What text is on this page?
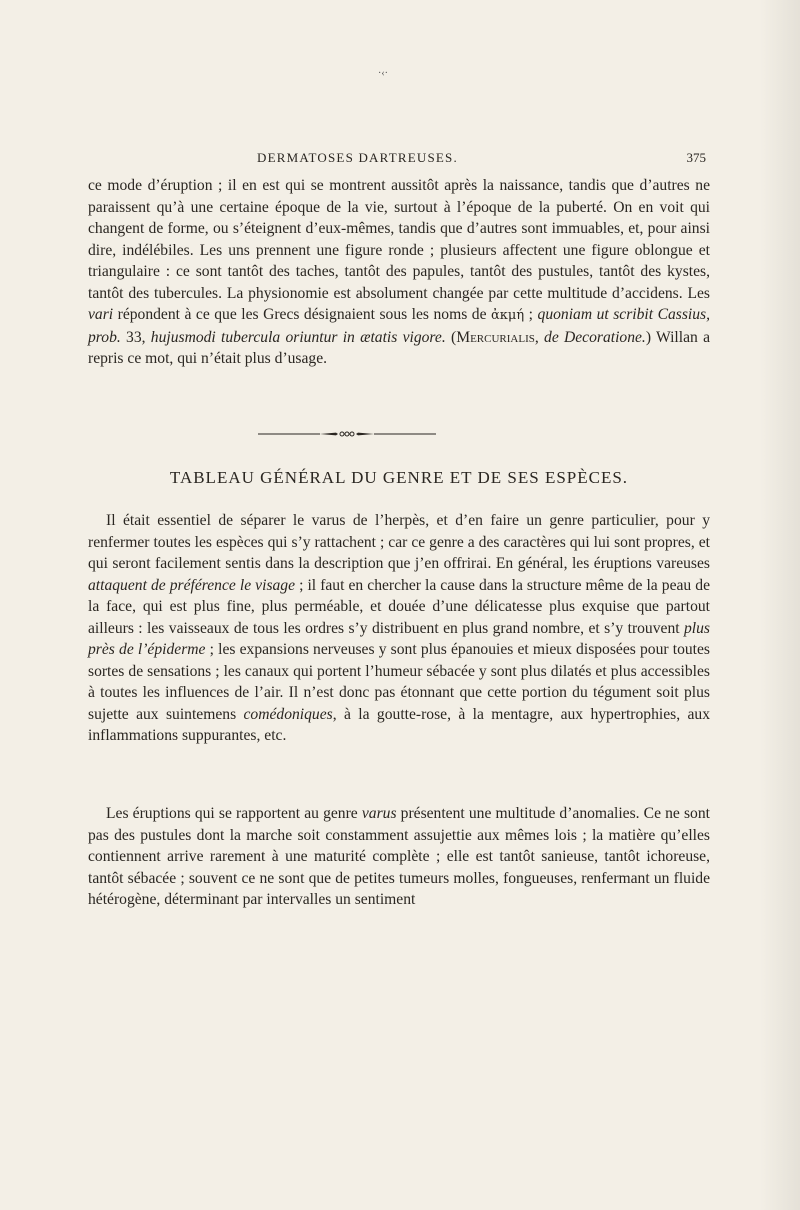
·‹·
DERMATOSES DARTREUSES.	375

ce mode d’éruption ; il en est qui se montrent aussitôt après la naissance, tandis que d’autres ne paraissent qu’à une certaine époque de la vie, surtout à l’époque de la puberté. On en voit qui changent de forme, ou s’éteignent d’eux-mêmes, tandis que d’autres sont immuables, et, pour ainsi dire, indélébiles. Les uns prennent une figure ronde ; plusieurs affectent une figure oblongue et triangulaire : ce sont tantôt des taches, tantôt des papules, tantôt des pustules, tantôt des kystes, tantôt des tubercules. La physionomie est absolument changée par cette multitude d’accidens. Les vari répondent à ce que les Grecs désignaient sous les noms de ἀκμή ; quoniam ut scribit Cassius, prob. 33, hujusmodi tubercula oriuntur in ætatis vigore. (Mercurialis, de Decoratione.) Willan a repris ce mot, qui n’était plus d’usage.

TABLEAU GÉNÉRAL DU GENRE ET DE SES ESPÈCES.

Il était essentiel de séparer le varus de l’herpès, et d’en faire un genre particulier, pour y renfermer toutes les espèces qui s’y rattachent ; car ce genre a des caractères qui lui sont propres, et qui seront facilement sentis dans la description que j’en offrirai. En général, les éruptions vareuses attaquent de préférence le visage ; il faut en chercher la cause dans la structure même de la peau de la face, qui est plus fine, plus perméable, et douée d’une délicatesse plus exquise que partout ailleurs : les vaisseaux de tous les ordres s’y distribuent en plus grand nombre, et s’y trouvent plus près de l’épiderme ; les expansions nerveuses y sont plus épanouies et mieux disposées pour toutes sortes de sensations ; les canaux qui portent l’humeur sébacée y sont plus dilatés et plus accessibles à toutes les influences de l’air. Il n’est donc pas étonnant que cette portion du tégument soit plus sujette aux suintemens comédoniques, à la goutte-rose, à la mentagre, aux hypertrophies, aux inflammations suppurantes, etc.

Les éruptions qui se rapportent au genre varus présentent une multitude d’anomalies. Ce ne sont pas des pustules dont la marche soit constamment assujettie aux mêmes lois ; la matière qu’elles contiennent arrive rarement à une maturité complète ; elle est tantôt sanieuse, tantôt ichoreuse, tantôt sébacée ; souvent ce ne sont que de petites tumeurs molles, fongueuses, renfermant un fluide hétérogène, déterminant par intervalles un sentiment
